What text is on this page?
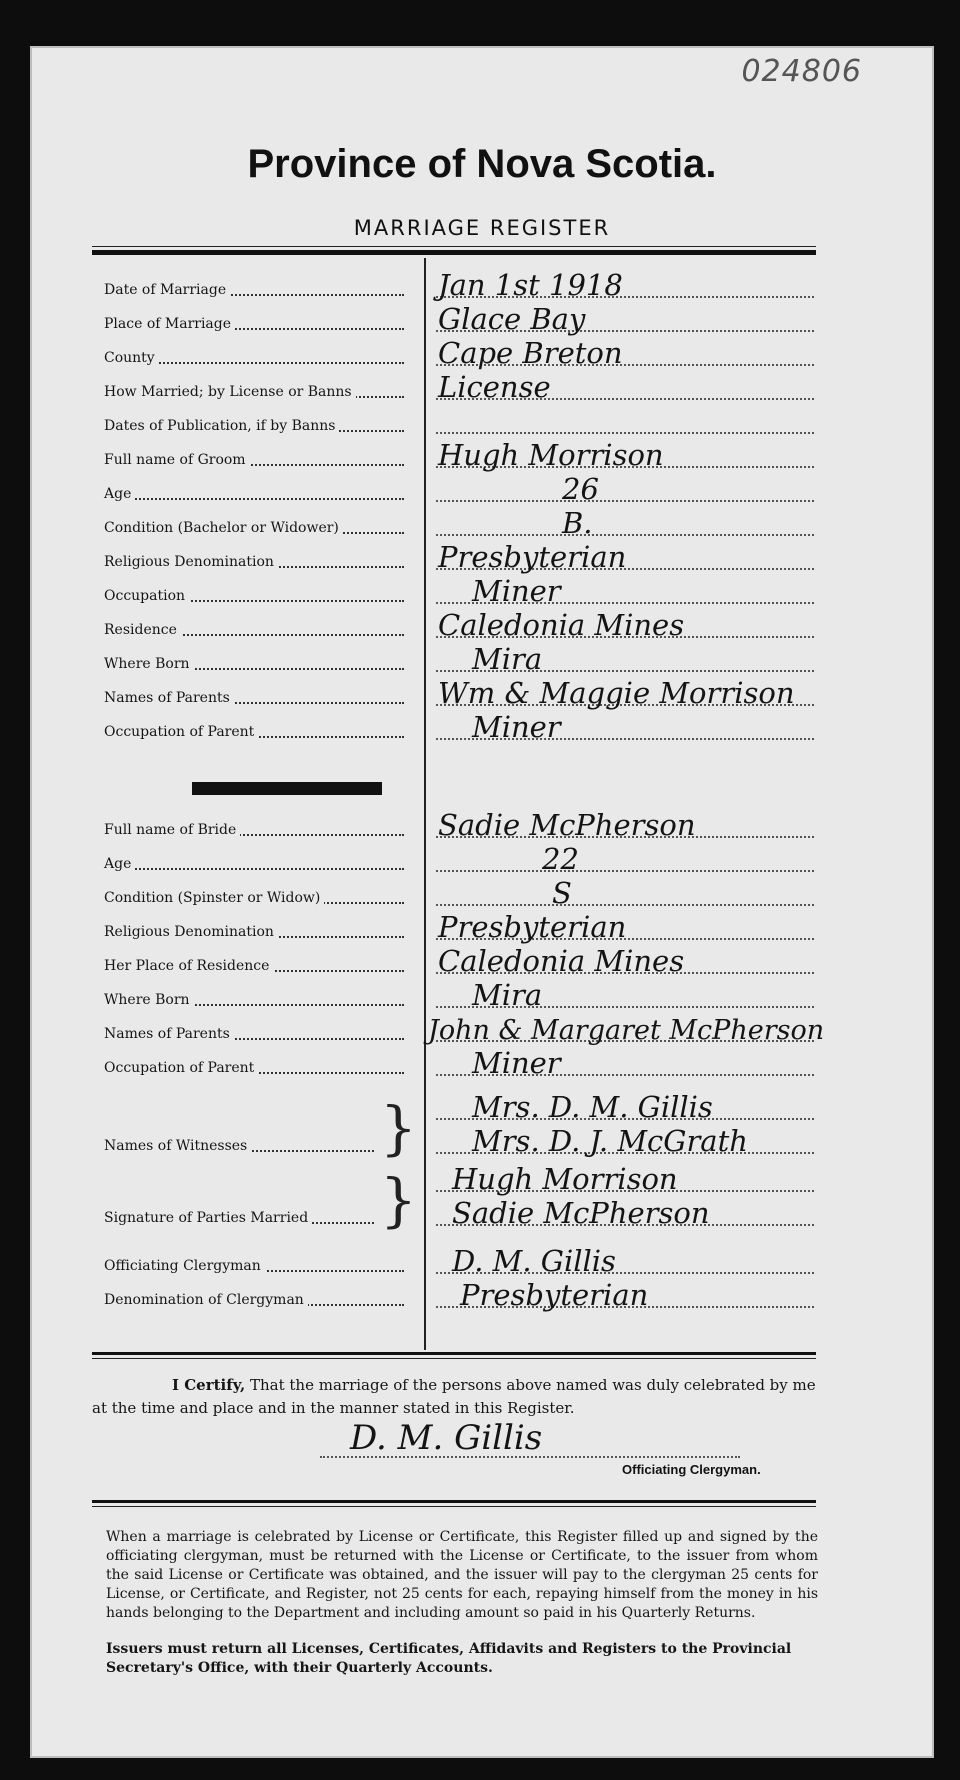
024806
Province of Nova Scotia.
MARRIAGE REGISTER
Date of Marriage	Jan 1st 1918
Place of Marriage	Glace Bay
County	Cape Breton
How Married; by License or Banns	License
Dates of Publication, if by Banns
Full name of Groom	Hugh Morrison
Age	26
Condition (Bachelor or Widower)	B.
Religious Denomination	Presbyterian
Occupation	Miner
Residence	Caledonia Mines
Where Born	Mira
Names of Parents	Wm & Maggie Morrison
Occupation of Parent	Miner
Full name of Bride	Sadie McPherson
Age	22
Condition (Spinster or Widow)	S
Religious Denomination	Presbyterian
Her Place of Residence	Caledonia Mines
Where Born	Mira
Names of Parents	John & Margaret McPherson
Occupation of Parent	Miner
Mrs. D. M. Gillis
Names of Witnesses	Mrs. D. J. McGrath
}
Hugh Morrison
Signature of Parties Married	Sadie McPherson
}
Officiating Clergyman	D. M. Gillis
Denomination of Clergyman	Presbyterian
I Certify, That the marriage of the persons above named was duly celebrated by me at the time and place and in the manner stated in this Register.
D. M. Gillis
Officiating Clergyman.
When a marriage is celebrated by License or Certificate, this Register filled up and signed by the officiating clergyman, must be returned with the License or Certificate, to the issuer from whom the said License or Certificate was obtained, and the issuer will pay to the clergyman 25 cents for License, or Certificate, and Register, not 25 cents for each, repaying himself from the money in his hands belonging to the Department and including amount so paid in his Quarterly Returns.
Issuers must return all Licenses, Certificates, Affidavits and Registers to the Provincial Secretary's Office, with their Quarterly Accounts.
